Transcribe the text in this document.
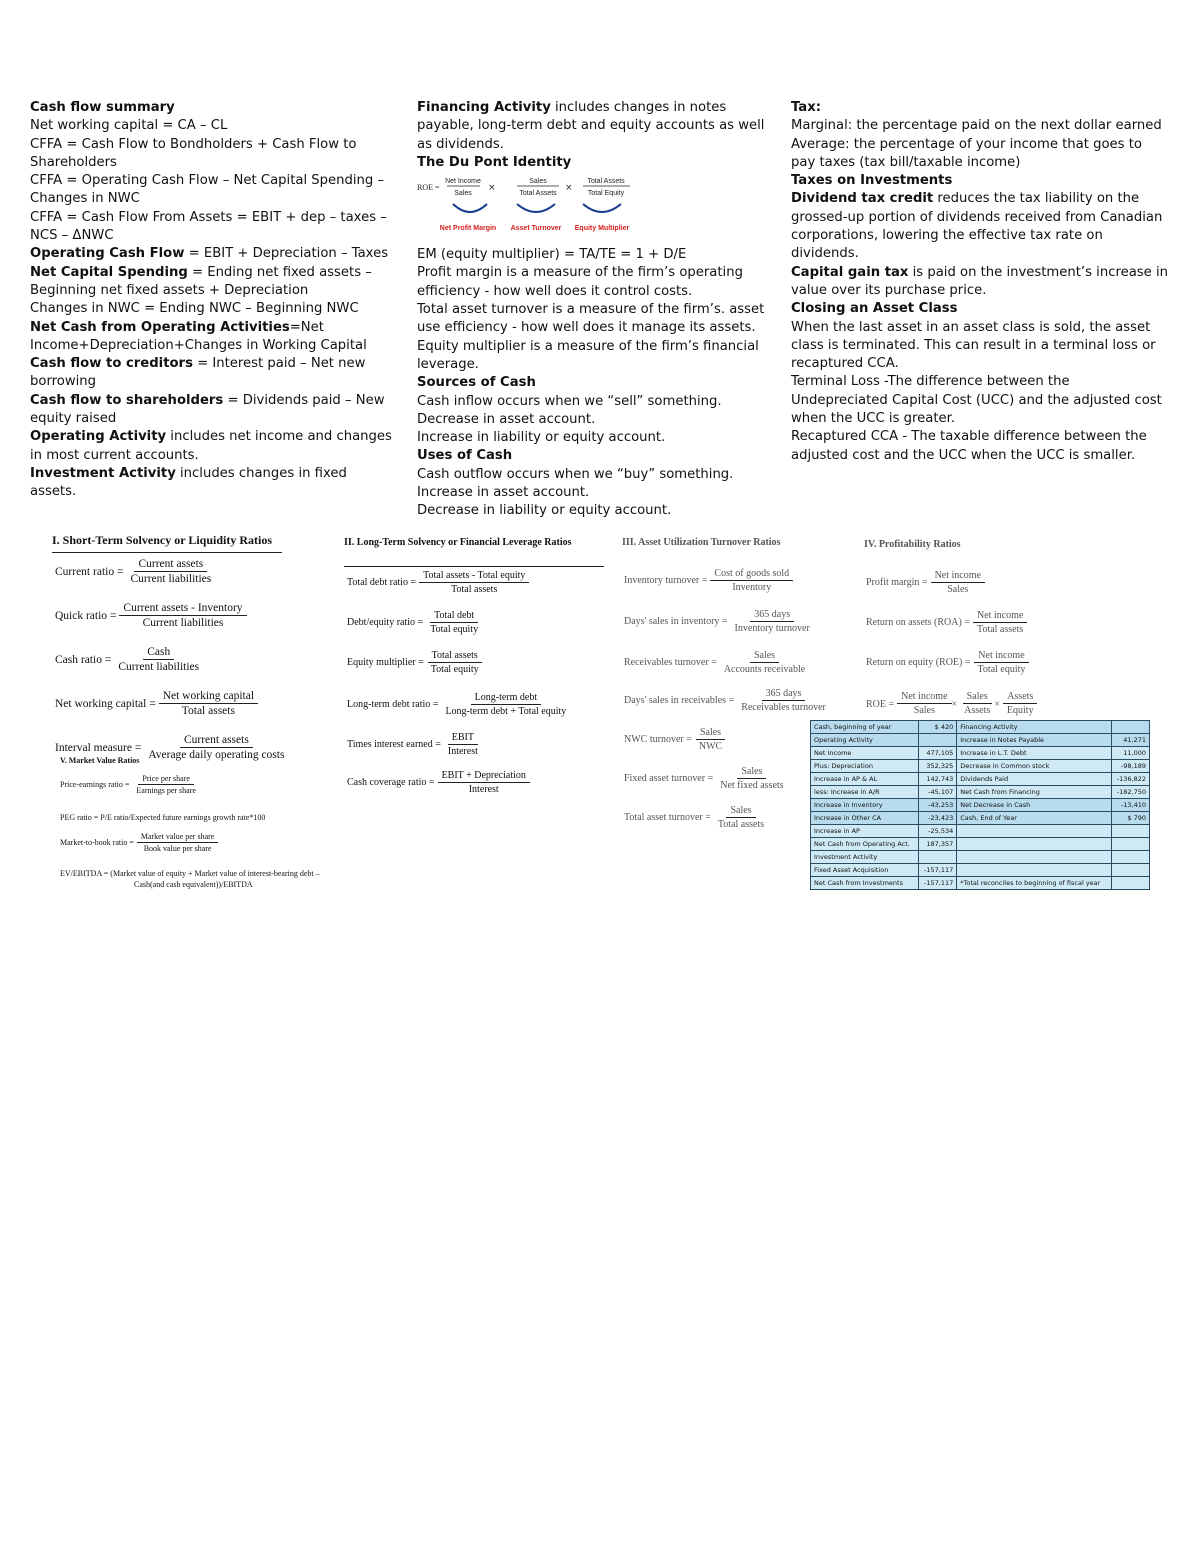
Cash flow summary

Net working capital = CA – CL

CFFA = Cash Flow to Bondholders + Cash Flow to Shareholders

CFFA = Operating Cash Flow – Net Capital Spending – Changes in NWC

CFFA = Cash Flow From Assets = EBIT + dep – taxes – NCS – ΔNWC

Operating Cash Flow = EBIT + Depreciation – Taxes

Net Capital Spending = Ending net fixed assets – Beginning net fixed assets + Depreciation

Changes in NWC = Ending NWC – Beginning NWC

Net Cash from Operating Activities=Net Income+Depreciation+Changes in Working Capital

Cash flow to creditors = Interest paid – Net new borrowing

Cash flow to shareholders = Dividends paid – New equity raised

Operating Activity includes net income and changes in most current accounts.

Investment Activity includes changes in fixed assets.

Financing Activity includes changes in notes payable, long-term debt and equity accounts as well as dividends.

The Du Pont Identity

EM (equity multiplier) = TA/TE = 1 + D/E

Profit margin is a measure of the firm’s operating efficiency - how well does it control costs.

Total asset turnover is a measure of the firm’s. asset use efficiency - how well does it manage its assets.

Equity multiplier is a measure of the firm’s financial leverage.

Sources of Cash

Cash inflow occurs when we “sell” something.

Decrease in asset account.

Increase in liability or equity account.

Uses of Cash

Cash outflow occurs when we “buy” something.

Increase in asset account.

Decrease in liability or equity account.

ROE =
Net Income
Sales
×
Sales
Total Assets
×
Total Assets
Total Equity
Net Profit Margin Asset Turnover Equity Multiplier

Tax:

Marginal: the percentage paid on the next dollar earned

Average: the percentage of your income that goes to pay taxes (tax bill/taxable income)

Taxes on Investments

Dividend tax credit reduces the tax liability on the grossed-up portion of dividends received from Canadian corporations, lowering the effective tax rate on dividends.

Capital gain tax is paid on the investment’s increase in value over its purchase price.

Closing an Asset Class

When the last asset in an asset class is sold, the asset class is terminated. This can result in a terminal loss or recaptured CCA.

Terminal Loss -The difference between the Undepreciated Capital Cost (UCC) and the adjusted cost when the UCC is greater.

Recaptured CCA - The taxable difference between the adjusted cost and the UCC when the UCC is smaller.

I. Short-Term Solvency or Liquidity Ratios
Current ratio = $\frac{\text{Current assets}}{\text{Current liabilities}}$
Quick ratio = $\frac{\text{Current assets - Inventory}}{\text{Current liabilities}}$
Cash ratio = $\frac{\text{Cash}}{\text{Current liabilities}}$
Net working capital = $\frac{\text{Net working capital}}{\text{Total assets}}$
Interval measure = $\frac{\text{Current assets}}{\text{Average daily operating costs}}$
V. Market Value Ratios
Price-earnings ratio = $\frac{\text{Price per share}}{\text{Earnings per share}}$
PEG ratio = P/E ratio/Expected future earnings growth rate*100
Market-to-book ratio = $\frac{\text{Market value per share}}{\text{Book value per share}}$
EV/EBITDA = (Market value of equity + Market value of interest-bearing debt –
Cash(and cash equivalent))/EBITDA
II. Long-Term Solvency or Financial Leverage Ratios
Total debt ratio = $\frac{\text{Total assets - Total equity}}{\text{Total assets}}$
Debt/equity ratio = $\frac{\text{Total debt}}{\text{Total equity}}$
Equity multiplier = $\frac{\text{Total assets}}{\text{Total equity}}$
Long-term debt ratio = $\frac{\text{Long-term debt}}{\text{Long-term debt + Total equity}}$
Times interest earned = $\frac{\text{EBIT}}{\text{Interest}}$
Cash coverage ratio = $\frac{\text{EBIT + Depreciation}}{\text{Interest}}$
III. Asset Utilization Turnover Ratios
Inventory turnover = $\frac{\text{Cost of goods sold}}{\text{Inventory}}$
Days' sales in inventory = $\frac{\text{365 days}}{\text{Inventory turnover}}$
Receivables turnover = $\frac{\text{Sales}}{\text{Accounts receivable}}$
Days' sales in receivables = $\frac{\text{365 days}}{\text{Receivables turnover}}$
NWC turnover = $\frac{\text{Sales}}{\text{NWC}}$
Fixed asset turnover = $\frac{\text{Sales}}{\text{Net fixed assets}}$
Total asset turnover = $\frac{\text{Sales}}{\text{Total assets}}$
IV. Profitability Ratios
Profit margin = $\frac{\text{Net income}}{\text{Sales}}$
Return on assets $(ROA) = \frac{\text{Net income}}{\text{Total assets}}$
Return on equity $(ROE) = \frac{\text{Net income}}{\text{Total equity}}$
ROE = $\frac{\text{Net income}}{\text{Sales}} \times \frac{\text{Sales}}{\text{Assets}} \times \frac{\text{Assets}}{\text{Equity}}$
Cash, beginning of year	$ 420	Financing Activity	
Operating Activity		Increase in Notes Payable	41,271
Net Income	477,105	Increase in L.T. Debt	11,000
Plus: Depreciation	352,325	Decrease in Common stock	-98,189
Increase in AP & AL	142,743	Dividends Paid	-136,822
less: Increase in A/R	-45,107	Net Cash from Financing	-182,750
Increase in Inventory	-43,253	Net Decrease in Cash	-13,410
Increase in Other CA	-23,423	Cash, End of Year	$ 790
Increase in AP	-25,534		
Net Cash from Operating Act.	187,357		
Investment Activity			
Fixed Asset Acquisition	-157,117		
Net Cash from Investments	-157,117	*Total reconciles to beginning of fiscal year	
